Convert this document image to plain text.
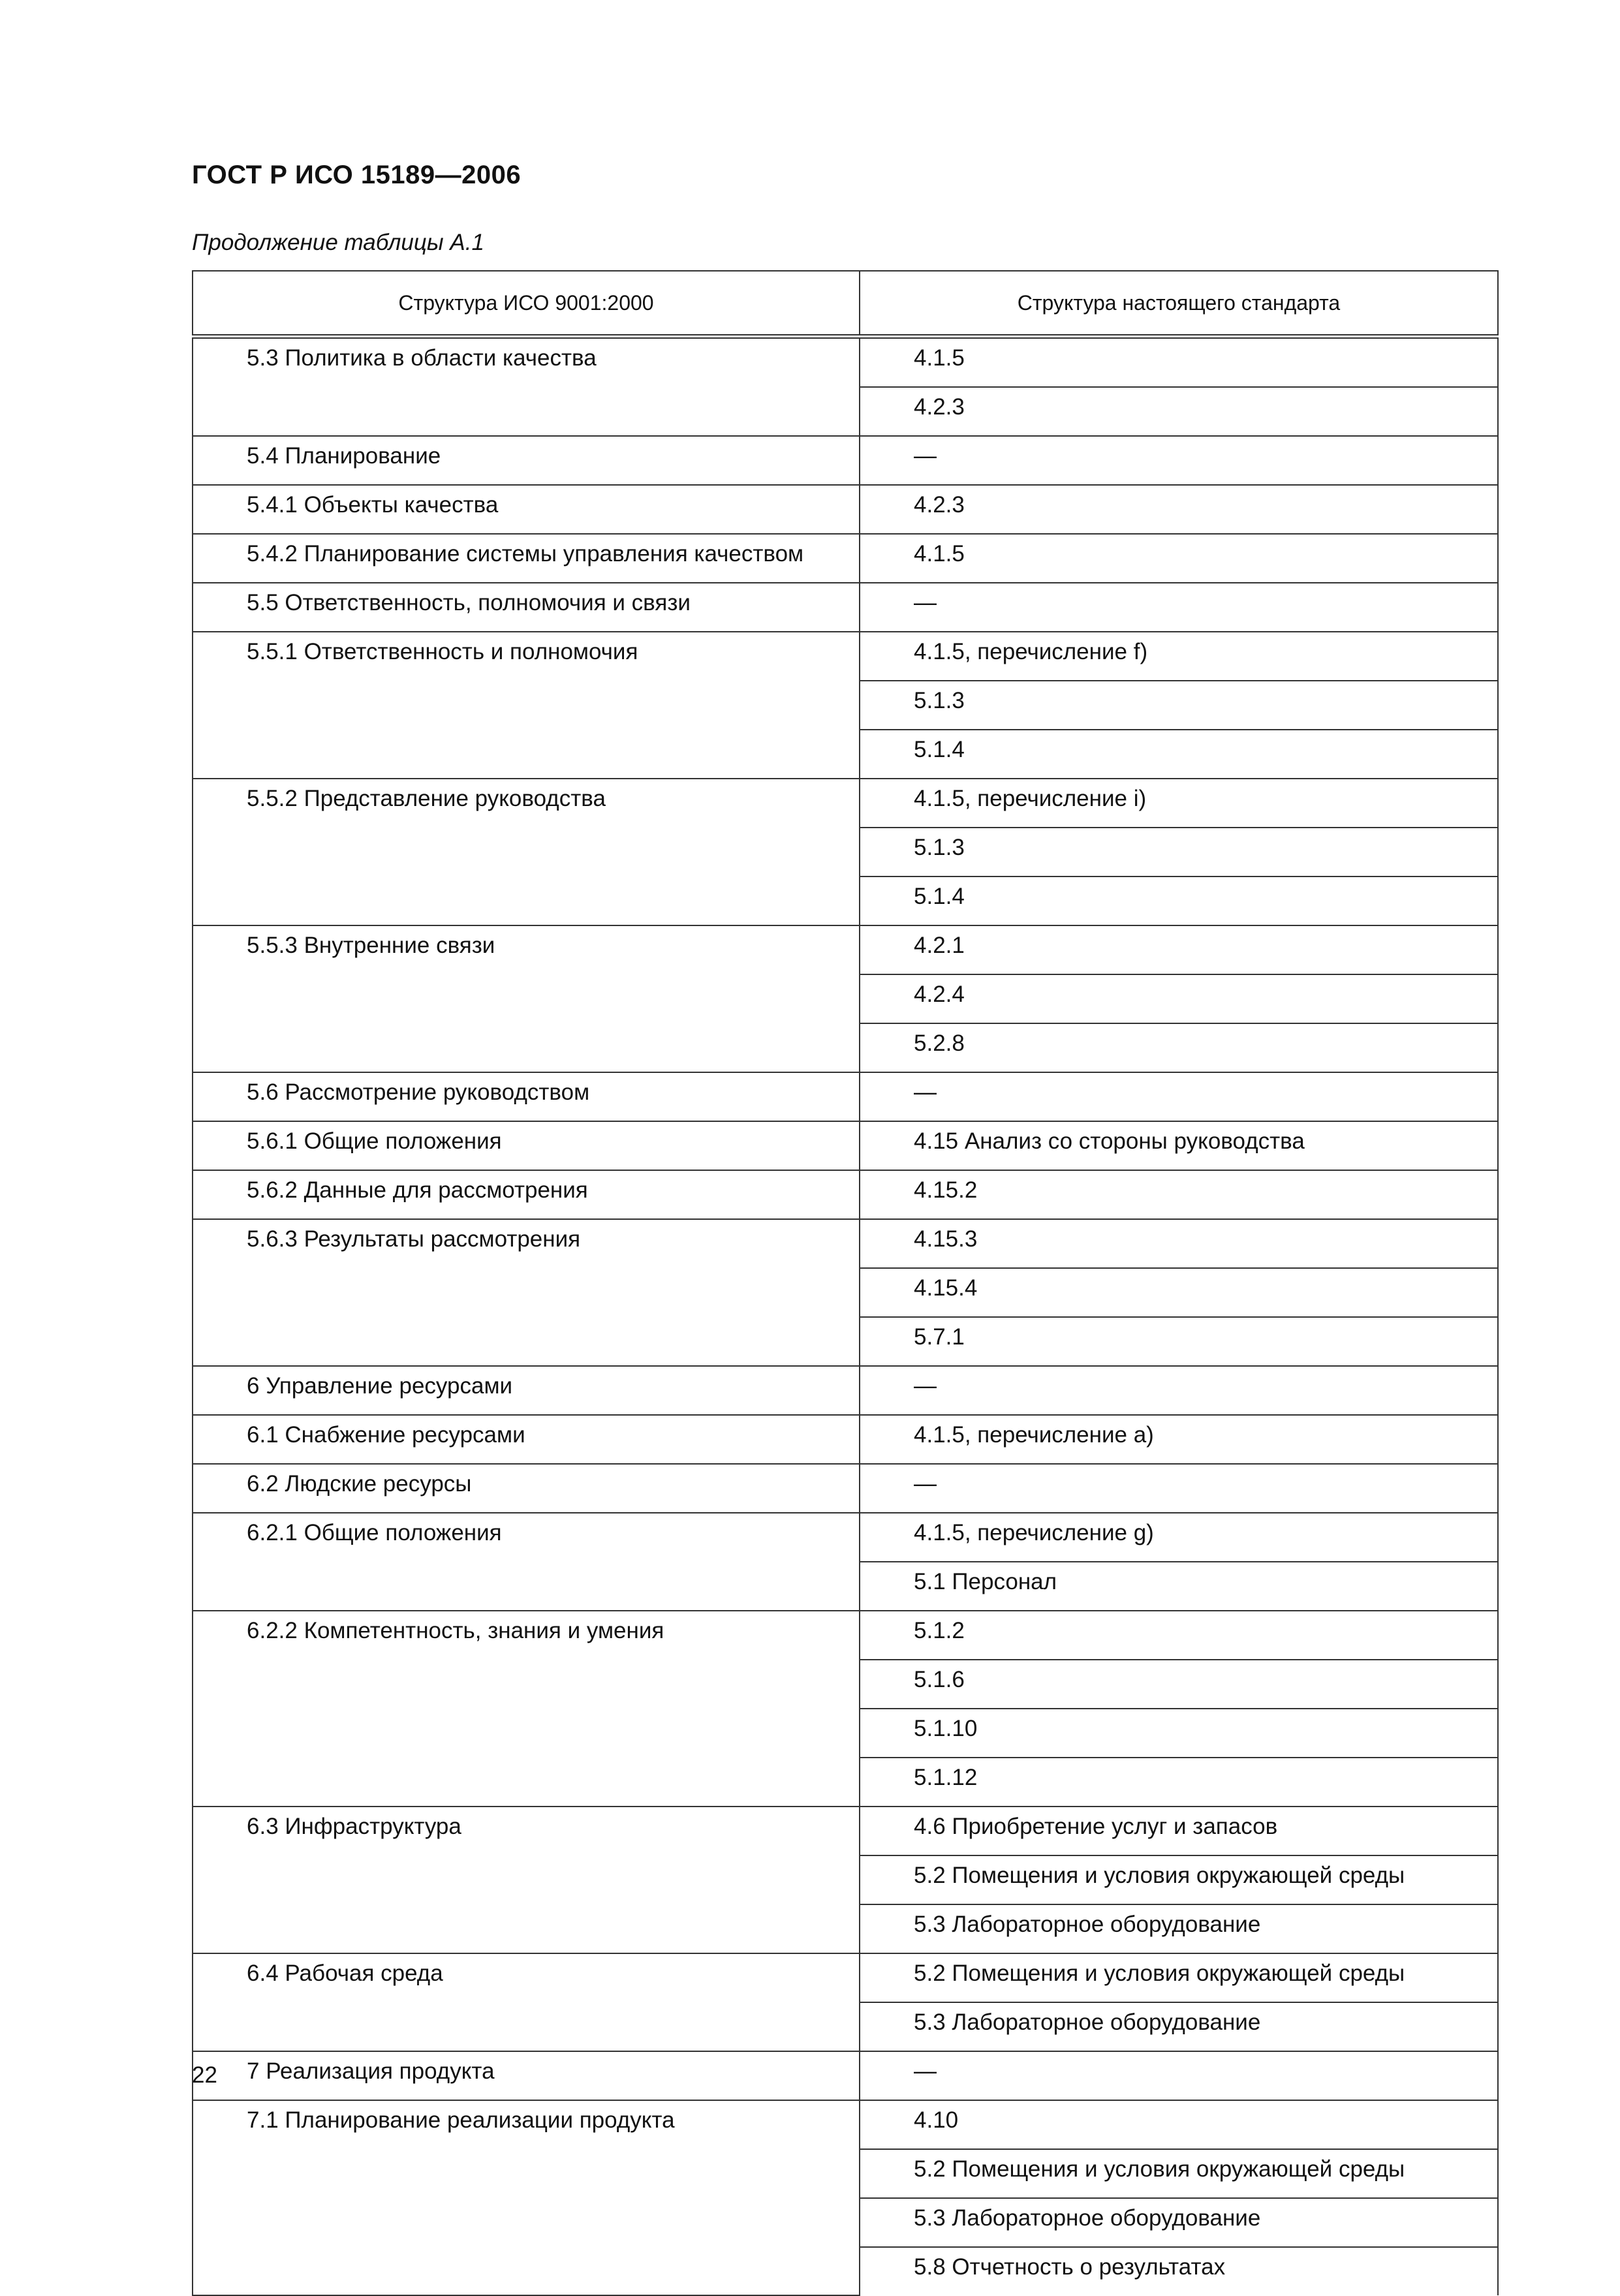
ГОСТ Р ИСО 15189—2006
Продолжение таблицы А.1
Структура ИСО 9001:2000	Структура настоящего стандарта
5.3 Политика в области качества	4.1.5
	4.2.3
5.4 Планирование	—
5.4.1 Объекты качества	4.2.3
5.4.2 Планирование системы управления качеством	4.1.5
5.5 Ответственность, полномочия и связи	—
5.5.1 Ответственность и полномочия	4.1.5, перечисление f)
	5.1.3
	5.1.4
5.5.2 Представление руководства	4.1.5, перечисление i)
	5.1.3
	5.1.4
5.5.3 Внутренние связи	4.2.1
	4.2.4
	5.2.8
5.6 Рассмотрение руководством	—
5.6.1 Общие положения	4.15 Анализ со стороны руководства
5.6.2 Данные для рассмотрения	4.15.2
5.6.3 Результаты рассмотрения	4.15.3
	4.15.4
	5.7.1
6 Управление ресурсами	—
6.1 Снабжение ресурсами	4.1.5, перечисление а)
6.2 Людские ресурсы	—
6.2.1 Общие положения	4.1.5, перечисление g)
	5.1 Персонал
6.2.2 Компетентность, знания и умения	5.1.2
	5.1.6
	5.1.10
	5.1.12
6.3 Инфраструктура	4.6 Приобретение услуг и запасов
	5.2 Помещения и условия окружающей среды
	5.3 Лабораторное оборудование
6.4 Рабочая среда	5.2 Помещения и условия окружающей среды
	5.3 Лабораторное оборудование
7 Реализация продукта	—
7.1 Планирование реализации продукта	4.10
	5.2 Помещения и условия окружающей среды
	5.3 Лабораторное оборудование
	5.8 Отчетность о результатах
22
